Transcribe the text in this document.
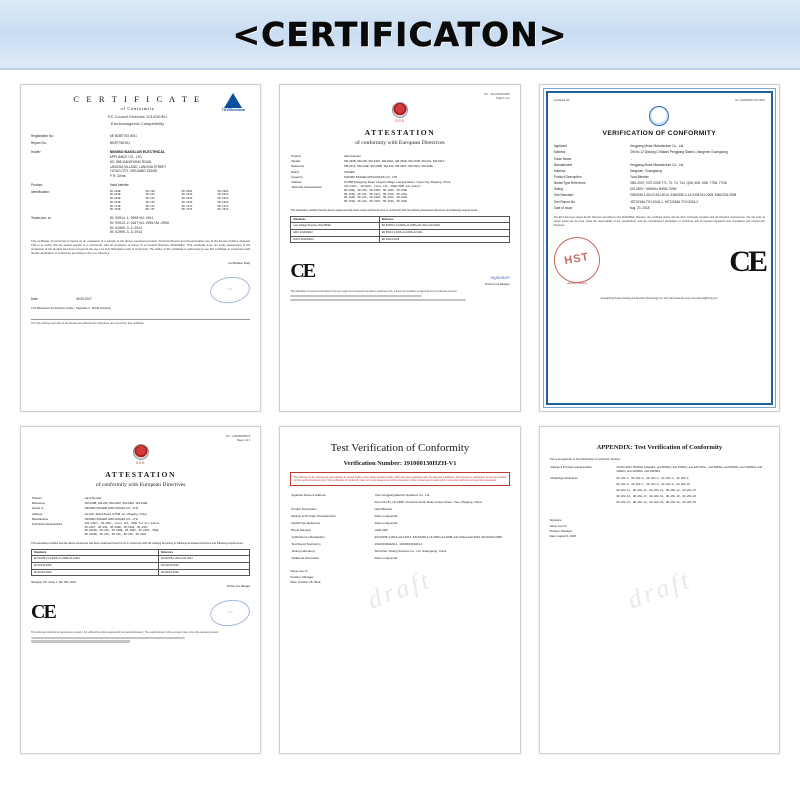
<CERTIFICATON>
C E R T I F I C A T E
of Conformity
EC Council Directive 2014/30/EU
Electromagnetic Compatibility
TUVRheinland
Registration No.:	AE 50387753 0001
Report No.:	50097798 001
Holder:	NINGBO BAKSLON ELECTRICAL
APPLIANCE CO., LTD.
NO. 858 XIANGYANG ROAD,
LANGXIA VILLAGE, LANGXIA STREET
YUYAO CITY, ZHEJIANG 315400
P. R. China
Product:	Hand blender
Identification:	SM-230B	SM-230	SM-230X	SM-230A
SM-231B	SM-231	SM-231X	SM-231A
SM-232B	SM-232	SM-232X	SM-232A
SM-233B	SM-233	SM-233X	SM-233A
SM-747B	SM-747	SM-747X	SM-747A
SM-767B	SM-767	SM-767X	SM-767A
Tested acc. to:	EN 55014-1:2006+A2:2011
EN 55014-2:1997+A1:2001+A2:2008
EN 61000-3-2:2014
EN 61000-3-3:2013
This certificate of conformity is based on an evaluation of a sample of the above mentioned product. Technical Report and documentation are at the licence holder's disposal. This is to certify that the tested sample is in conformity with all provisions of Annex III of Council Directive 2014/30/EU. This certificate does not imply assessment of the production of the product and does not permit the use of a TUV Rheinland mark of conformity. The holder of the certificate is authorized to use this certificate in connection with the EC declaration of conformity according to the e.m. Directive.
Certification Body
Date	05.09.2017
TÜV
TUV Rheinland LGA Products GmbH - Tillystraße 2 - 90431 Nürnberg
The CE marking and mark of all relevant and effective EC Directives are covered by this certificate.
No. : CE-C/2017/0112
Page 1 of 1
SGS
ATTESTATION
of conformity with European Directives
Product	Hand blender
Models	SM-230B, SM-230, SM-230X, SM-230A, SM-230E, SM-231B, SM-231, SM-231X
Reference	SM-231A, SM-231E, SM-232B, SM-232, SM-232X, SM-232A, SM-232E
Brand	SINGER
Issued to	NINGBO SINGER APPLIANCES CO., LTD
Address	No.858 Xiangyang Road, Langxia Village, Langxia Street, Yuyao City, Zhejiang, China
Technical characteristics	220-240V~, 50/60Hz, Class III, 600W/700W and models
SM-230B, SM-230, SM-230X, SM-230A, SM-230E
SM-231B, SM-231, SM-231X, SM-231A, SM-231E
SM-232B, SM-232, SM-232X, SM-232A, SM-232E
SM-233B, SM-233, SM-233X, SM-233A, SM-233E
This attestation certifies that the above equipment has been tested and found to be in conformity with the following European Directives and following requirements:
Standards	Reference
Low Voltage Directive 2014/35/EU	EN 60335-2-14:2006+A1:2008+A11:2012+A12:2016
EMC 2014/30/EU	EN 55014-1:2006+A1:2009+A2:2011
RoHS 2011/65/EU	EN 62321:2009
CE	Signature
Product Line Manager
This attestation is issued on the basis of the test report and represents the above equipment only. It does not constitute an approval of the production process.
Certificate No.	No. HST2018A.TGY.0016
VERIFICATION OF CONFORMITY
Applicant	Yongyang Motor Manufacture Co., Ltd.
Address	Gift No.12 Qixiang Ci Baishi Pengjiang District, Jiangmen Guangdong
Trade Name	--
Manufacturer	Yongyang Motor Manufacture Co., Ltd
Address	Jiangmen, Guangdong
Product Description	Food Blender
Model/Type Reference	GBS-2007, HST-2008 T71, T2, T4, T44, Q08, 60H, 60B, 77D6, 77D8
Rating	220-240V~ 50/60Hz 600W-700W
Test Standard	EN60335-1:2012+A11:2014, EN60335-2-14:2006+A1:2008, EN62233:2008
Test Report No.	HST2018A.TGY.0016-1, HST2018A.TGY.0016-2
Date of Issue	Aug. 23, 2018
The EUT has been tested for EU Directive according to the 2014/35/EC Directive, the certificate shows that the EUT technically complies with the Directive requirements. The CE mark as shown below can be used, under the responsibility of the manufacturer, and the manufacturer's declaration of conformity with all relevant regulations and compliance with relevant EC Directives.
HST
Laboratory Manager
CE
Guangdong Huaxin Testing & Inspection Technology Co.,Ltd. http://www.hst-any.cn E-mail:hst@hst-any.cn
No. : LVD/2018/0372
Page 1 of 1
SGS
ATTESTATION
of conformity with European Directives
Product	Hand blender
Reference	SM-230B, SM-230, SM-230X, SM-230A, SM-230E
Issued to	NINGBO SINGER APPLIANCES CO., LTD.
Address	No.229, Jiasha Road, NTSM, etc, Zhejiang, China
Manufacturer	NINGBO SINGER APPLIANCES CO., LTD
Technical characteristics	220-240V~, 50-60Hz, Class III, 600W for all models
ZM-230Y, ZM-230, ZM-230B, ZM-230A, ZM-230X
ZM-2301B, ZM-230, ZM-230B, ZM-230A, ZM-230X, 450W,
ZM-2302B, ZM-230, ZM-230, ZM-230, ZM-230A
This attestation certifies that the above equipment has been tested and found to be in conformity with CE marking according to following European Directives and following requirements:
Standards	Reference
EN 60335-2-14:2006+A1:2008+A11:2012	EN 60335-1:2012+A11:2014
EN 62233:2008	EN 62233:2008
EN 62321:2008	EN 62321:2008
Shanghai, P.R. China, 1, Mar 15th, 2018
Product Line Manager
CE	SGS
This document shall not be reproduced, except in full, without the written approval of the issuing laboratory. The results shown in this test report refer only to the sample(s) tested.
draft
Test Verification of Conformity
Verification Number: 191000130HZH-V1
The licensee of the referenced test report(s) is named holder of the below granted marks which has been granted under the attested conditions. The licensee is authorised to use the mark(s) on the certified products only. This verification of conformity does not imply assessment of the production of the product and is valid only in connection with the test report(s) referenced.
Applicant Name & Address	Yiwu Hongjiang Electric Appliance Co., Ltd.
	Room No.81, No.1388, Chouzhou North Road, Futian Street, Yiwu, Zhejiang, China
Product Description	Hand Blender
Ratings & Principle Characteristics	Refer to Appendix
Model/Type Reference	Refer to Appendix
Brand Name(s)	HHD GEX
Verification to Standard(s)	EN 60335-1:2012+A11:2014, EN 60335-2-14:2006+A1:2008+A11:2012+A12:2016, EN 62233:2008
Test Report Number(s)	191000130HZH-1, 191000130HZH-2
Testing Laboratory	Shenzhen Testing Services Co., Ltd. Guangdong, China
Additional Information	Refer to Appendix
Name Lea Yu
Position: Manager
Date: October 18, 2019	draft
APPENDIX: Test Verification of Conformity
This is an Appendix to Test Verification of Conformity Number:
Ratings & Principle Characteristics	AC100-240V, 50/60Hz,120watt/s, and 600W/s, and 700W/s, and 220-240V~, and 600W/s, and 800W/s, and 1000W/s, and 200W/s, and 1200W/s, and 2000W/s
Model/Type Reference	HD-868-1, HD-868-2, HD-868-3, HD-868-4, HD-868-5
	HD-868-6, HD-868-7, HD-868-8, HD-868-9, HD-868-10
	HD-868-11, HD-868-12, HD-868-13, HD-868-14, HD-868-15
	HD-868-16, HD-868-17, HD-868-18, HD-868-19, HD-868-20
	HD-868-21, HD-868-22, HD-868-23, HD-868-24, HD-868-25
Signature
Name Lea Yu
Position: Manager
Date: August 6, 2018
